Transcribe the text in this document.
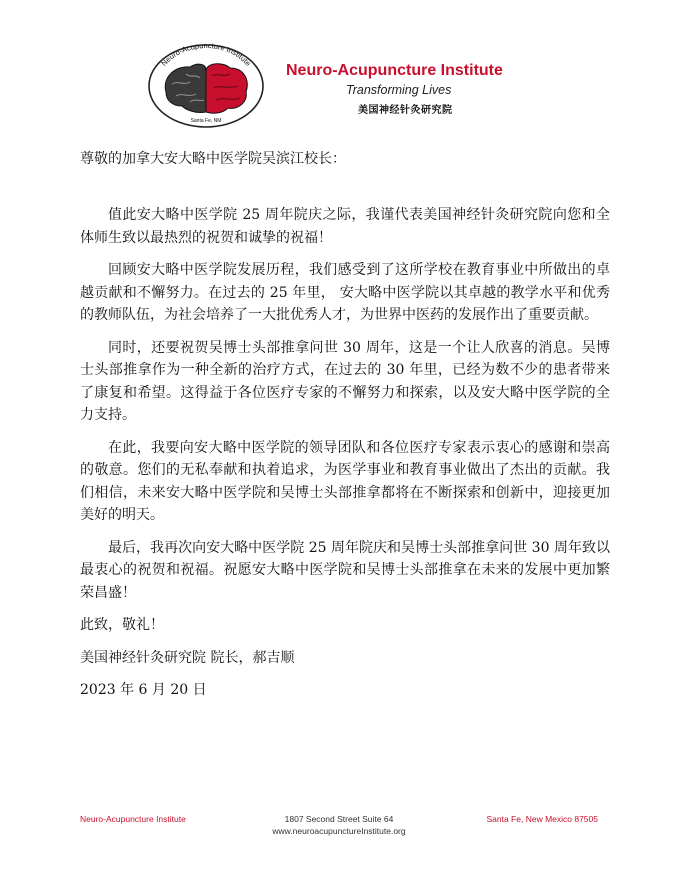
Neuro-Acupuncture Institute
Santa Fe, NM
Neuro-Acupuncture Institute
Transforming Lives
美国神经针灸研究院
尊敬的加拿大安大略中医学院吴滨江校长：

值此安大略中医学院 25 周年院庆之际，我谨代表美国神经针灸研究院向您和全体师生致以最热烈的祝贺和诚挚的祝福！

回顾安大略中医学院发展历程，我们感受到了这所学校在教育事业中所做出的卓越贡献和不懈努力。在过去的 25 年里， 安大略中医学院以其卓越的教学水平和优秀的教师队伍，为社会培养了一大批优秀人才，为世界中医药的发展作出了重要贡献。

同时，还要祝贺吴博士头部推拿问世 30 周年，这是一个让人欣喜的消息。吴博士头部推拿作为一种全新的治疗方式，在过去的 30 年里，已经为数不少的患者带来了康复和希望。这得益于各位医疗专家的不懈努力和探索，以及安大略中医学院的全力支持。

在此，我要向安大略中医学院的领导团队和各位医疗专家表示衷心的感谢和崇高的敬意。您们的无私奉献和执着追求，为医学事业和教育事业做出了杰出的贡献。我们相信，未来安大略中医学院和吴博士头部推拿都将在不断探索和创新中，迎接更加美好的明天。

最后，我再次向安大略中医学院 25 周年院庆和吴博士头部推拿问世 30 周年致以最衷心的祝贺和祝福。祝愿安大略中医学院和吴博士头部推拿在未来的发展中更加繁荣昌盛！

此致，敬礼！

美国神经针灸研究院 院长，郝吉顺

2023 年 6 月 20 日

Neuro-Acupuncture Institute	1807 Second Street Suite 64
www.neuroacupunctureInstitute.org
Santa Fe, New Mexico 87505
